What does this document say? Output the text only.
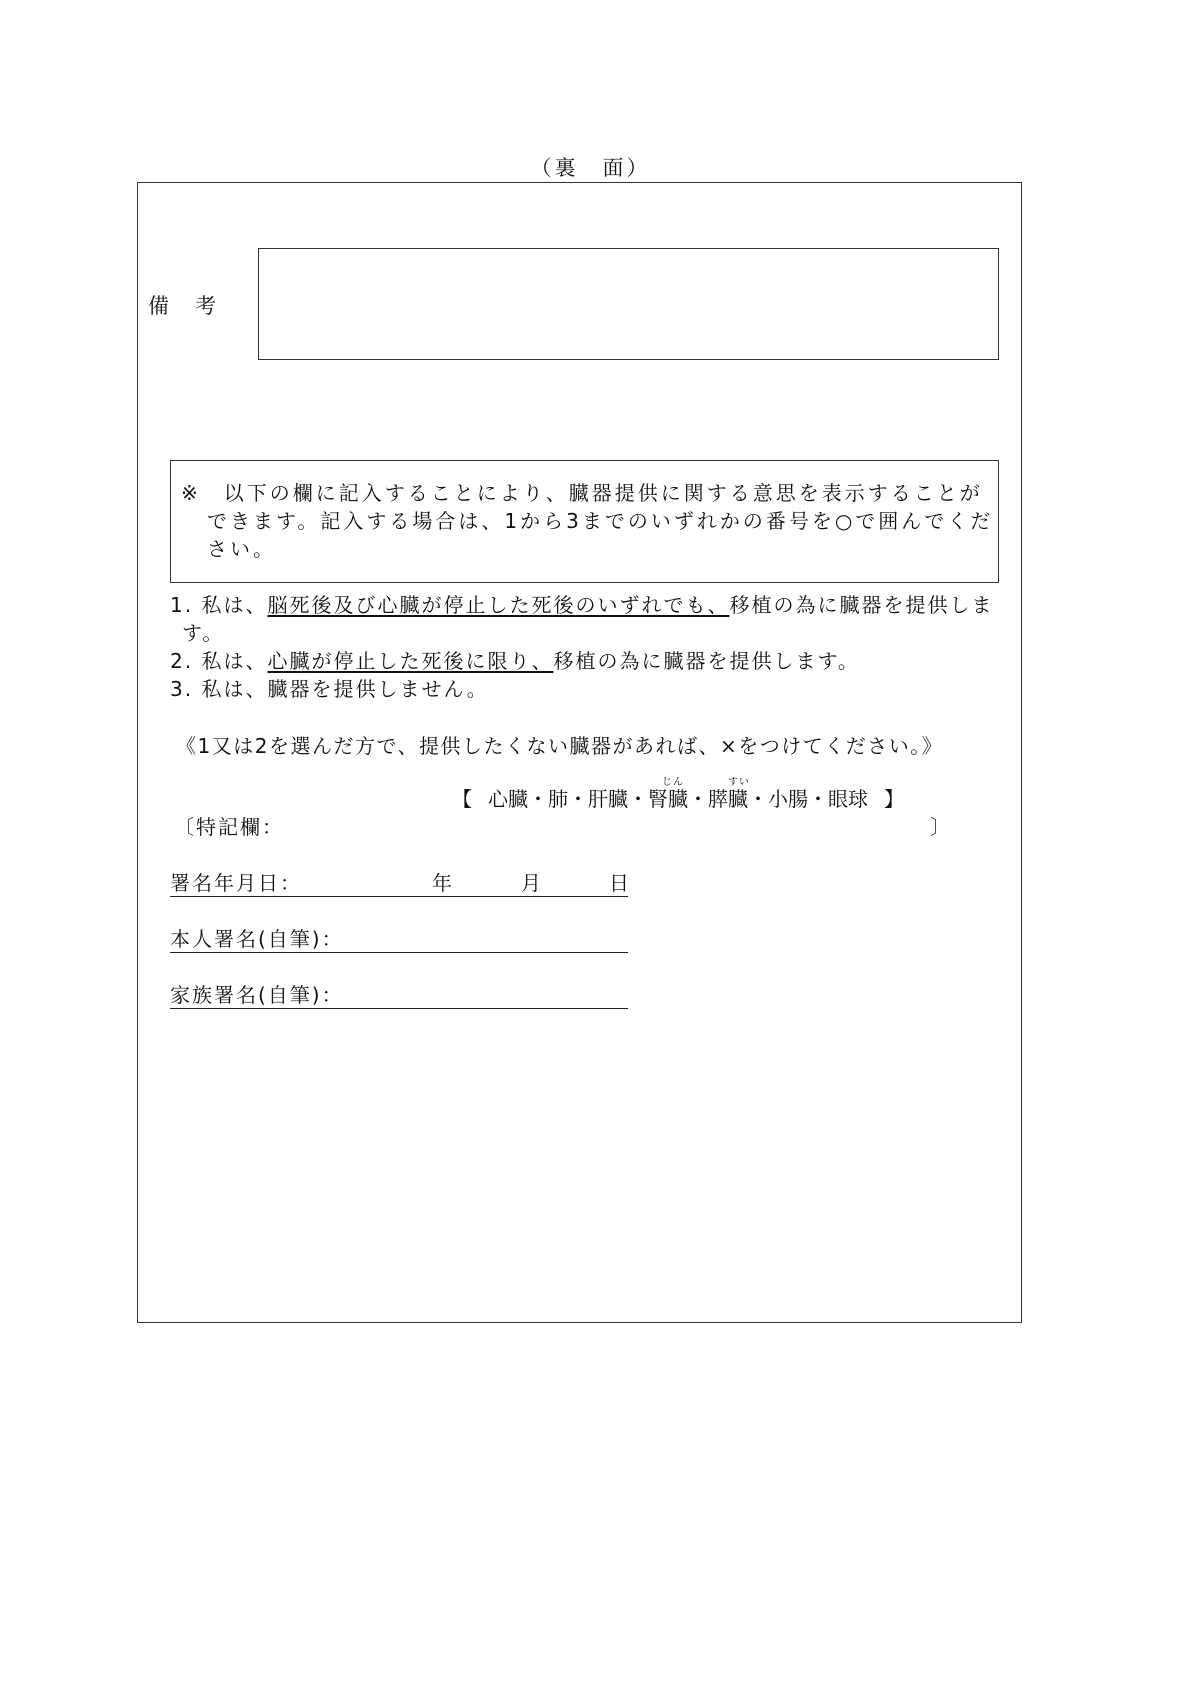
（裏　面）
備 考
※　以下の欄に記入することにより、臓器提供に関する意思を表示することが
できます。記入する場合は、1から3までのいずれかの番号を○で囲んでくだ
さい。
1. 私は、脳死後及び心臓が停止した死後のいずれでも、移植の為に臓器を提供しま
す。
2. 私は、心臓が停止した死後に限り、移植の為に臓器を提供します。
3. 私は、臓器を提供しません。
《1又は2を選んだ方で、提供したくない臓器があれば、×をつけてください。》
じん	すい
【 心臓・肺・肝臓・腎臓・膵臓・小腸・眼球 】
〔特記欄：	〕
署名年月日：	年	月	日
本人署名(自筆)：
家族署名(自筆)：
